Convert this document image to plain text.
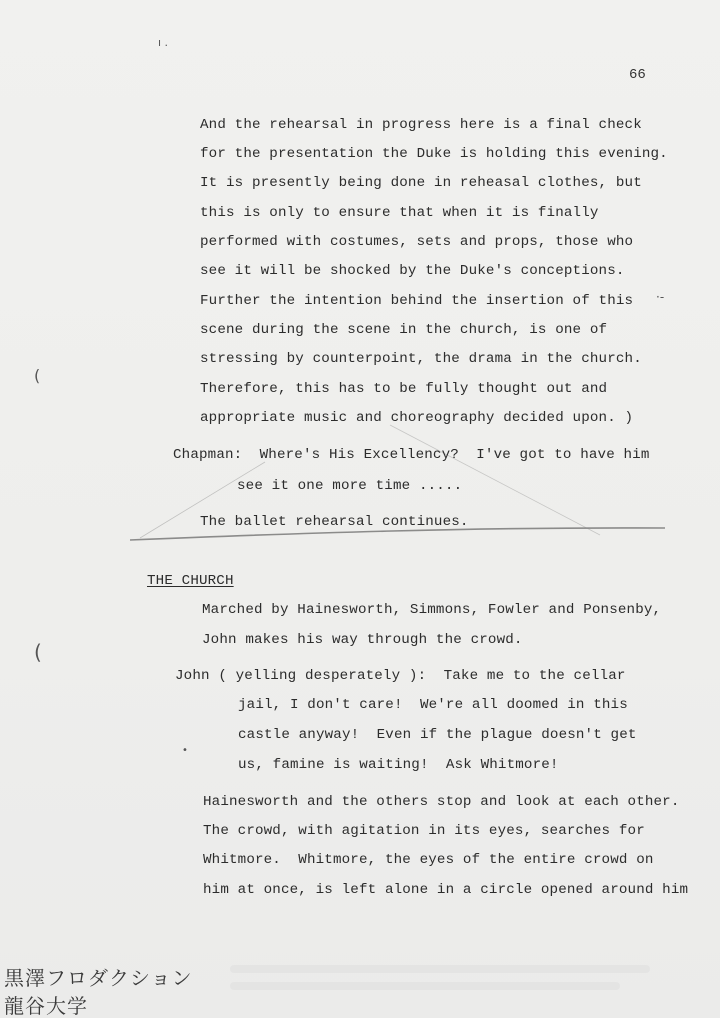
66
ı .
(
(
•
·-
And the rehearsal in progress here is a final check
for the presentation the Duke is holding this evening.
It is presently being done in reheasal clothes, but
this is only to ensure that when it is finally
performed with costumes, sets and props, those who
see it will be shocked by the Duke's conceptions.
Further the intention behind the insertion of this
scene during the scene in the church, is one of
stressing by counterpoint, the drama in the church.
Therefore, this has to be fully thought out and
appropriate music and choreography decided upon. )
Chapman:  Where's His Excellency?  I've got to have him
see it one more time .....
The ballet rehearsal continues.
THE CHURCH
Marched by Hainesworth, Simmons, Fowler and Ponsenby,
John makes his way through the crowd.
John ( yelling desperately ):  Take me to the cellar
jail, I don't care!  We're all doomed in this
castle anyway!  Even if the plague doesn't get
us, famine is waiting!  Ask Whitmore!
Hainesworth and the others stop and look at each other.
The crowd, with agitation in its eyes, searches for
Whitmore.  Whitmore, the eyes of the entire crowd on
him at once, is left alone in a circle opened around him
黒澤フロダクション
龍谷大学
